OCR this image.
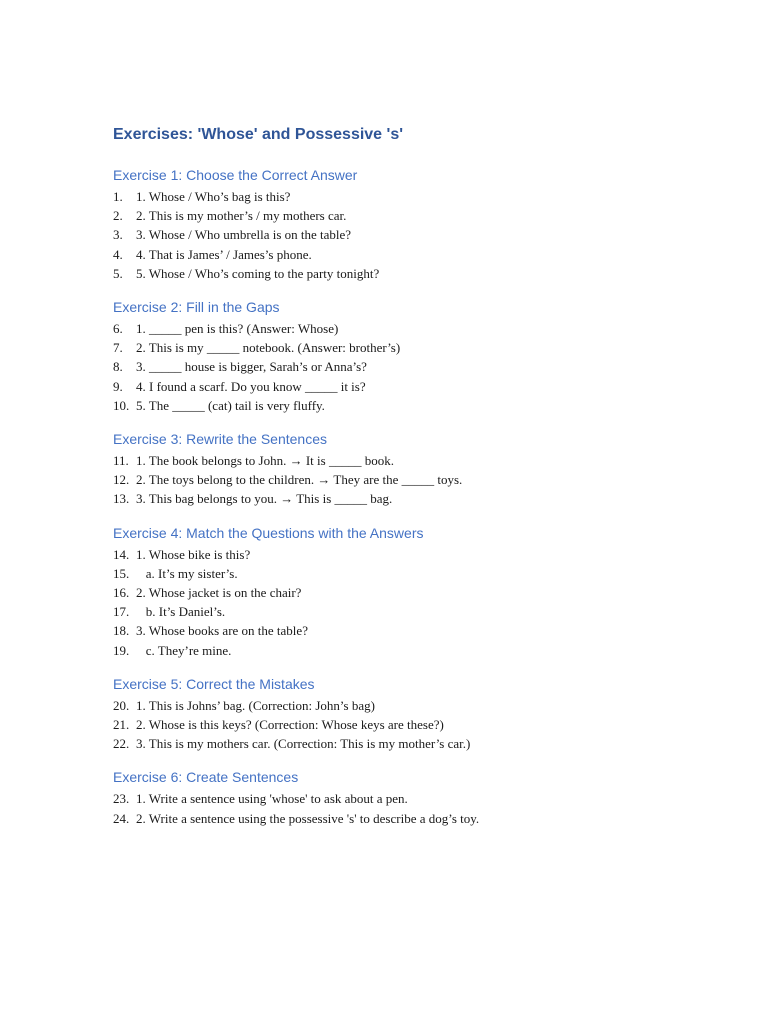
Exercises: 'Whose' and Possessive 's'
Exercise 1: Choose the Correct Answer
1.	1. Whose / Who’s bag is this?
2.	2. This is my mother’s / my mothers car.
3.	3. Whose / Who umbrella is on the table?
4.	4. That is James’ / James’s phone.
5.	5. Whose / Who’s coming to the party tonight?
Exercise 2: Fill in the Gaps
6.	1. _____ pen is this? (Answer: Whose)
7.	2. This is my _____ notebook. (Answer: brother’s)
8.	3. _____ house is bigger, Sarah’s or Anna’s?
9.	4. I found a scarf. Do you know _____ it is?
10. 5. The _____ (cat) tail is very fluffy.
Exercise 3: Rewrite the Sentences
11. 1. The book belongs to John. → It is _____ book.
12. 2. The toys belong to the children. → They are the _____ toys.
13. 3. This bag belongs to you. → This is _____ bag.
Exercise 4: Match the Questions with the Answers
14. 1. Whose bike is this?
15. a. It’s my sister’s.
16. 2. Whose jacket is on the chair?
17. b. It’s Daniel’s.
18. 3. Whose books are on the table?
19. c. They’re mine.
Exercise 5: Correct the Mistakes
20. 1. This is Johns’ bag. (Correction: John’s bag)
21. 2. Whose is this keys? (Correction: Whose keys are these?)
22. 3. This is my mothers car. (Correction: This is my mother’s car.)
Exercise 6: Create Sentences
23. 1. Write a sentence using 'whose' to ask about a pen.
24. 2. Write a sentence using the possessive 's' to describe a dog’s toy.
